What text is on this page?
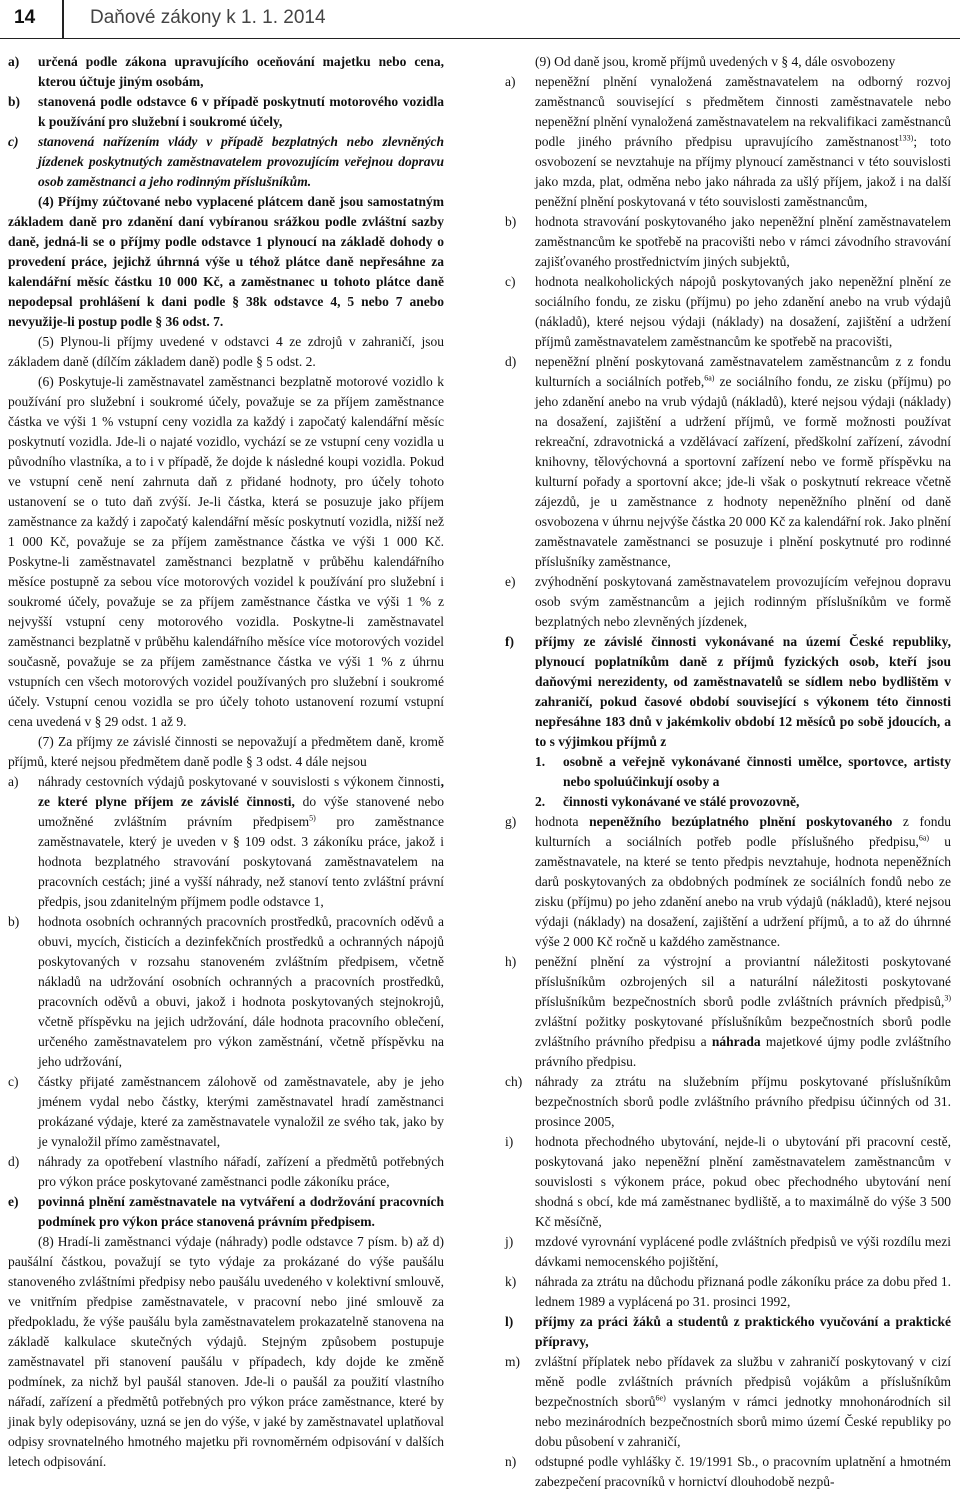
14	Daňové zákony k 1. 1. 2014
a) určená podle zákona upravujícího oceňování majetku nebo cena, kterou účtuje jiným osobám,
b) stanovená podle odstavce 6 v případě poskytnutí motorového vozidla k používání pro služební i soukromé účely,
c) stanovená nařízením vlády v případě bezplatných nebo zlevněných jízdenek poskytnutých zaměstnavatelem provozujícím veřejnou dopravu osob zaměstnanci a jeho rodinným příslušníkům.

(4) Příjmy zúčtované nebo vyplacené plátcem daně jsou samostatným základem daně pro zdanění daní vybíranou srážkou podle zvláštní sazby daně, jedná-li se o příjmy podle odstavce 1 plynoucí na základě dohody o provedení práce, jejichž úhrnná výše u téhož plátce daně nepřesáhne za kalendářní měsíc částku 10 000 Kč, a zaměstnanec u tohoto plátce daně nepodepsal prohlášení k dani podle § 38k odstavce 4, 5 nebo 7 anebo nevyužije-li postup podle § 36 odst. 7.

(5) Plynou-li příjmy uvedené v odstavci 4 ze zdrojů v zahraničí, jsou základem daně (dílčím základem daně) podle § 5 odst. 2.

(6) Poskytuje-li zaměstnavatel zaměstnanci bezplatně motorové vozidlo k používání pro služební i soukromé účely, považuje se za příjem zaměstnance částka ve výši 1 % vstupní ceny vozidla za každý i započatý kalendářní měsíc poskytnutí vozidla. Jde-li o najaté vozidlo, vychází se ze vstupní ceny vozidla u původního vlastníka, a to i v případě, že dojde k následné koupi vozidla. Pokud ve vstupní ceně není zahrnuta daň z přidané hodnoty, pro účely tohoto ustanovení se o tuto daň zvýší. Je-li částka, která se posuzuje jako příjem zaměstnance za každý i započatý kalendářní měsíc poskytnutí vozidla, nižší než 1 000 Kč, považuje se za příjem zaměstnance částka ve výši 1 000 Kč. Poskytne-li zaměstnavatel zaměstnanci bezplatně v průběhu kalendářního měsíce postupně za sebou více motorových vozidel k používání pro služební i soukromé účely, považuje se za příjem zaměstnance částka ve výši 1 % z nejvyšší vstupní ceny motorového vozidla. Poskytne-li zaměstnavatel zaměstnanci bezplatně v průběhu kalendářního měsíce více motorových vozidel současně, považuje se za příjem zaměstnance částka ve výši 1 % z úhrnu vstupních cen všech motorových vozidel používaných pro služební i soukromé účely. Vstupní cenou vozidla se pro účely tohoto ustanovení rozumí vstupní cena uvedená v § 29 odst. 1 až 9.

(7) Za příjmy ze závislé činnosti se nepovažují a předmětem daně, kromě příjmů, které nejsou předmětem daně podle § 3 odst. 4 dále nejsou

a) náhrady cestovních výdajů poskytované v souvislosti s výkonem činnosti, ze které plyne příjem ze závislé činnosti, do výše stanovené nebo umožněné zvláštním právním předpisem$^{5)}$ pro zaměstnance zaměstnavatele, který je uveden v § 109 odst. 3 zákoníku práce, jakož i hodnota bezplatného stravování poskytovaná zaměstnavatelem na pracovních cestách; jiné a vyšší náhrady, než stanoví tento zvláštní právní předpis, jsou zdanitelným příjmem podle odstavce 1,
b) hodnota osobních ochranných pracovních prostředků, pracovních oděvů a obuvi, mycích, čisticích a dezinfekčních prostředků a ochranných nápojů poskytovaných v rozsahu stanoveném zvláštním předpisem, včetně nákladů na udržování osobních ochranných a pracovních prostředků, pracovních oděvů a obuvi, jakož i hodnota poskytovaných stejnokrojů, včetně příspěvku na jejich udržování, dále hodnota pracovního oblečení, určeného zaměstnavatelem pro výkon zaměstnání, včetně příspěvku na jeho udržování,
c) částky přijaté zaměstnancem zálohově od zaměstnavatele, aby je jeho jménem vydal nebo částky, kterými zaměstnavatel hradí zaměstnanci prokázané výdaje, které za zaměstnavatele vynaložil ze svého tak, jako by je vynaložil přímo zaměstnavatel,
d) náhrady za opotřebení vlastního nářadí, zařízení a předmětů potřebných pro výkon práce poskytované zaměstnanci podle zákoníku práce,
e) povinná plnění zaměstnavatele na vytváření a dodržování pracovních podmínek pro výkon práce stanovená právním předpisem.

(8) Hradí-li zaměstnanci výdaje (náhrady) podle odstavce 7 písm. b) až d) paušální částkou, považují se tyto výdaje za prokázané do výše paušálu stanoveného zvláštními předpisy nebo paušálu uvedeného v kolektivní smlouvě, ve vnitřním předpise zaměstnavatele, v pracovní nebo jiné smlouvě za předpokladu, že výše paušálu byla zaměstnavatelem prokazatelně stanovena na základě kalkulace skutečných výdajů. Stejným způsobem postupuje zaměstnavatel při stanovení paušálu v případech, kdy dojde ke změně podmínek, za nichž byl paušál stanoven. Jde-li o paušál za použití vlastního nářadí, zařízení a předmětů potřebných pro výkon práce zaměstnance, které by jinak byly odepisovány, uzná se jen do výše, v jaké by zaměstnavatel uplatňoval odpisy srovnatelného hmotného majetku při rovnoměrném odpisování v dalších letech odpisování.

(9) Od daně jsou, kromě příjmů uvedených v § 4, dále osvobozeny

a) nepeněžní plnění vynaložená zaměstnavatelem na odborný rozvoj zaměstnanců související s předmětem činnosti zaměstnavatele nebo nepeněžní plnění vynaložená zaměstnavatelem na rekvalifikaci zaměstnanců podle jiného právního předpisu upravujícího zaměstnanost$^{133)}$; toto osvobození se nevztahuje na příjmy plynoucí zaměstnanci v této souvislosti jako mzda, plat, odměna nebo jako náhrada za ušlý příjem, jakož i na další peněžní plnění poskytovaná v této souvislosti zaměstnancům,
b) hodnota stravování poskytovaného jako nepeněžní plnění zaměstnavatelem zaměstnancům ke spotřebě na pracovišti nebo v rámci závodního stravování zajišťovaného prostřednictvím jiných subjektů,
c) hodnota nealkoholických nápojů poskytovaných jako nepeněžní plnění ze sociálního fondu, ze zisku (příjmu) po jeho zdanění anebo na vrub výdajů (nákladů), které nejsou výdaji (náklady) na dosažení, zajištění a udržení příjmů zaměstnavatelem zaměstnancům ke spotřebě na pracovišti,
d) nepeněžní plnění poskytovaná zaměstnavatelem zaměstnancům z z fondu kulturních a sociálních potřeb,$^{6a)}$ ze sociálního fondu, ze zisku (příjmu) po jeho zdanění anebo na vrub výdajů (nákladů), které nejsou výdaji (náklady) na dosažení, zajištění a udržení příjmů, ve formě možnosti používat rekreační, zdravotnická a vzdělávací zařízení, předškolní zařízení, závodní knihovny, tělovýchovná a sportovní zařízení nebo ve formě příspěvku na kulturní pořady a sportovní akce; jde-li však o poskytnutí rekreace včetně zájezdů, je u zaměstnance z hodnoty nepeněžního plnění od daně osvobozena v úhrnu nejvýše částka 20 000 Kč za kalendářní rok. Jako plnění zaměstnavatele zaměstnanci se posuzuje i plnění poskytnuté pro rodinné příslušníky zaměstnance,
e) zvýhodnění poskytovaná zaměstnavatelem provozujícím veřejnou dopravu osob svým zaměstnancům a jejich rodinným příslušníkům ve formě bezplatných nebo zlevněných jízdenek,
f) příjmy ze závislé činnosti vykonávané na území České republiky, plynoucí poplatníkům daně z příjmů fyzických osob, kteří jsou daňovými nerezidenty, od zaměstnavatelů se sídlem nebo bydlištěm v zahraničí, pokud časové období související s výkonem této činnosti nepřesáhne 183 dnů v jakémkoliv období 12 měsíců po sobě jdoucích, a to s výjimkou příjmů z
1. osobně a veřejně vykonávané činnosti umělce, sportovce, artisty nebo spoluúčinkují osoby a
2. činnosti vykonávané ve stálé provozovně,
g) hodnota nepeněžního bezúplatného plnění poskytovaného z fondu kulturních a sociálních potřeb podle příslušného předpisu,$^{6a)}$ u zaměstnavatele, na které se tento předpis nevztahuje, hodnota nepeněžních darů poskytovaných za obdobných podmínek ze sociálních fondů nebo ze zisku (příjmu) po jeho zdanění anebo na vrub výdajů (nákladů), které nejsou výdaji (náklady) na dosažení, zajištění a udržení příjmů, a to až do úhrnné výše 2 000 Kč ročně u každého zaměstnance.
h) peněžní plnění za výstrojní a proviantní náležitosti poskytované příslušníkům ozbrojených sil a naturální náležitosti poskytované příslušníkům bezpečnostních sborů podle zvláštních právních předpisů,$^{3)}$ zvláštní požitky poskytované příslušníkům bezpečnostních sborů podle zvláštního právního předpisu a náhrada majetkové újmy podle zvláštního právního předpisu.
ch) náhrady za ztrátu na služebním příjmu poskytované příslušníkům bezpečnostních sborů podle zvláštního právního předpisu účinných od 31. prosince 2005,
i) hodnota přechodného ubytování, nejde-li o ubytování při pracovní cestě, poskytovaná jako nepeněžní plnění zaměstnavatelem zaměstnancům v souvislosti s výkonem práce, pokud obec přechodného ubytování není shodná s obcí, kde má zaměstnanec bydliště, a to maximálně do výše 3 500 Kč měsíčně,
j) mzdové vyrovnání vyplácené podle zvláštních předpisů ve výši rozdílu mezi dávkami nemocenského pojištění,
k) náhrada za ztrátu na důchodu přiznaná podle zákoníku práce za dobu před 1. lednem 1989 a vyplácená po 31. prosinci 1992,
l) příjmy za práci žáků a studentů z praktického vyučování a praktické přípravy,
m) zvláštní příplatek nebo přídavek za službu v zahraničí poskytovaný v cizí měně podle zvláštních právních předpisů vojákům a příslušníkům bezpečnostních sborů$^{6e)}$ vyslaným v rámci jednotky mnohonárodních sil nebo mezinárodních bezpečnostních sborů mimo území České republiky po dobu působení v zahraničí,
n) odstupné podle vyhlášky č. 19/1991 Sb., o pracovním uplatnění a hmotném zabezpečení pracovníků v hornictví dlouhodobě nezpů-
